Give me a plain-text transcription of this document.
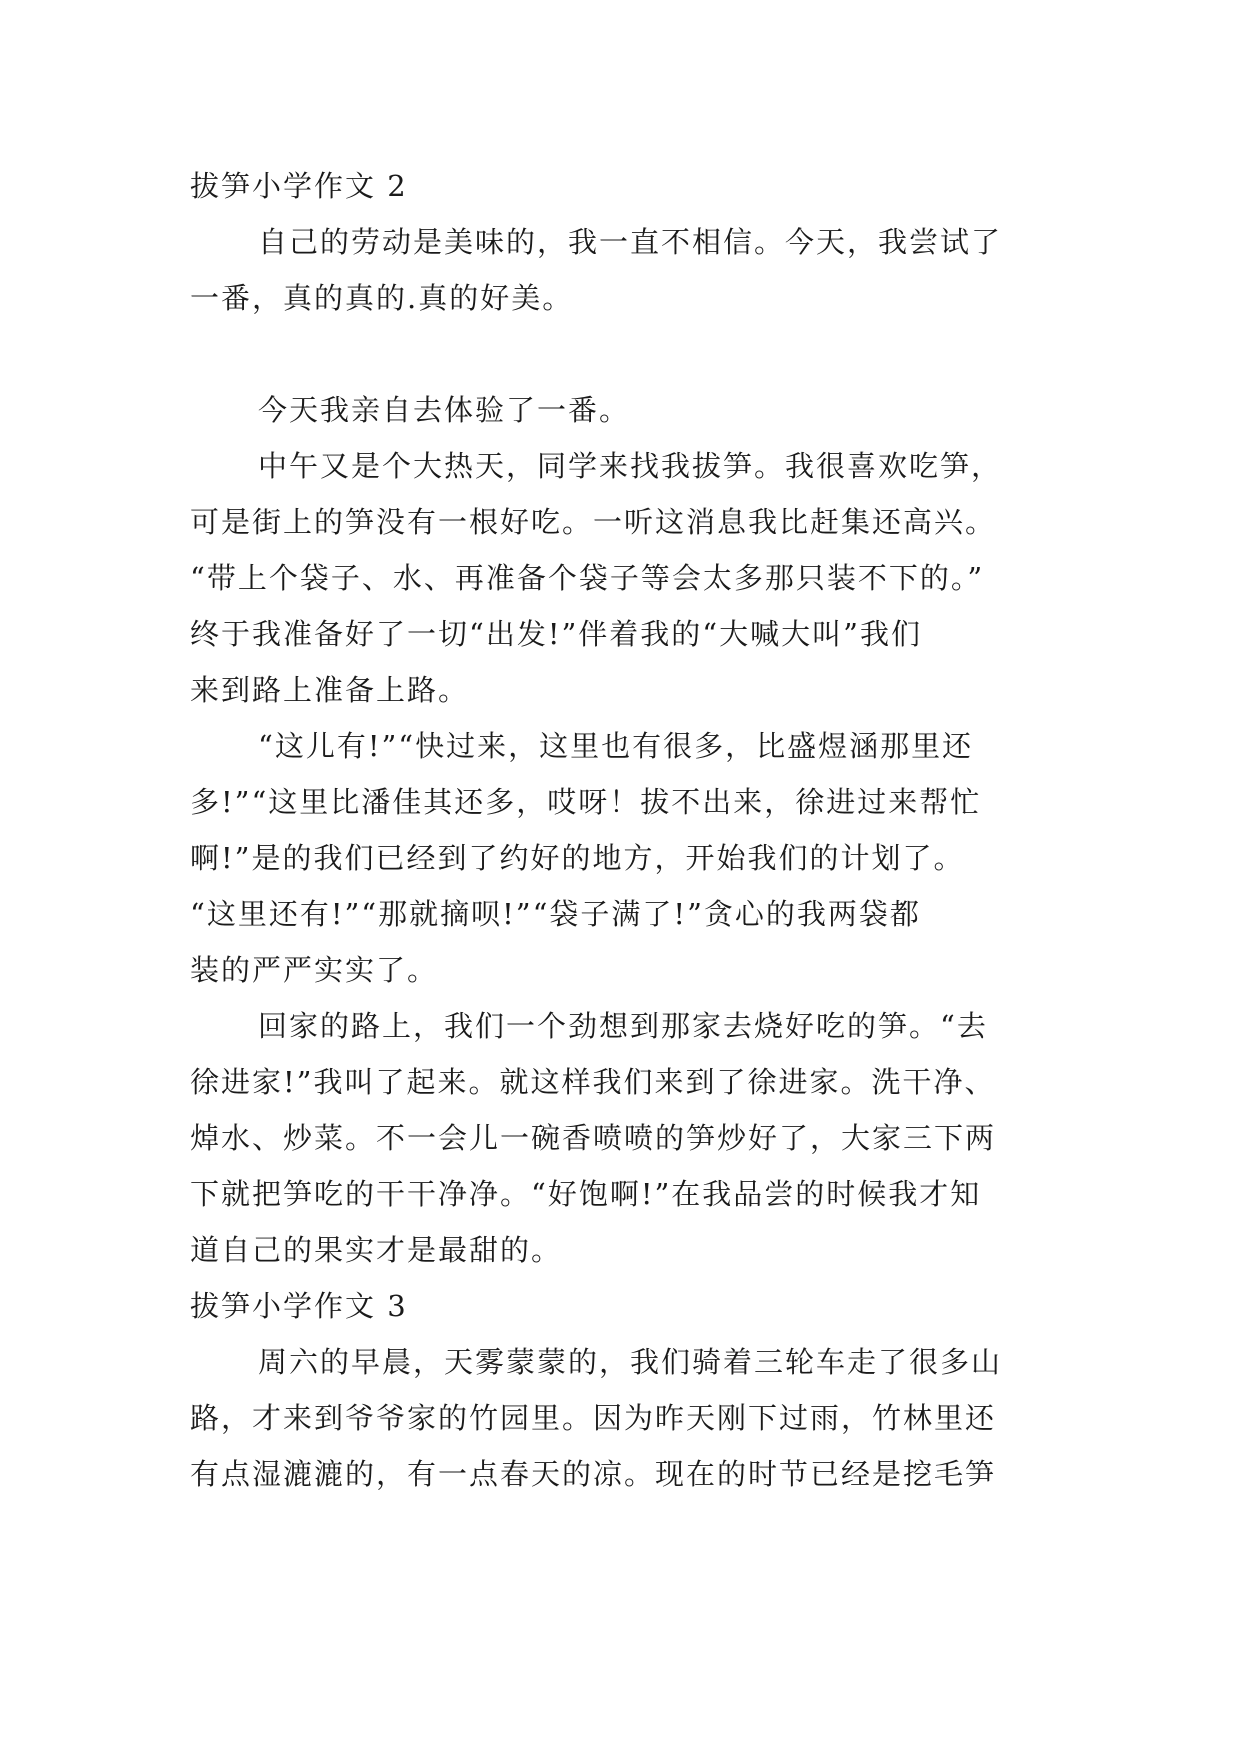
拔笋小学作文 2
自己的劳动是美味的，我一直不相信。今天，我尝试了
一番，真的真的.真的好美。
今天我亲自去体验了一番。
中午又是个大热天，同学来找我拔笋。我很喜欢吃笋，
可是街上的笋没有一根好吃。一听这消息我比赶集还高兴。
“带上个袋子、水、再准备个袋子等会太多那只装不下的。”
终于我准备好了一切“出发!”伴着我的“大喊大叫”我们
来到路上准备上路。
“这儿有!”“快过来，这里也有很多，比盛煜涵那里还
多!”“这里比潘佳其还多，哎呀！拔不出来，徐进过来帮忙
啊!”是的我们已经到了约好的地方，开始我们的计划了。
“这里还有!”“那就摘呗!”“袋子满了!”贪心的我两袋都
装的严严实实了。
回家的路上，我们一个劲想到那家去烧好吃的笋。“去
徐进家!”我叫了起来。就这样我们来到了徐进家。洗干净、
焯水、炒菜。不一会儿一碗香喷喷的笋炒好了，大家三下两
下就把笋吃的干干净净。“好饱啊!”在我品尝的时候我才知
道自己的果实才是最甜的。
拔笋小学作文 3
周六的早晨，天雾蒙蒙的，我们骑着三轮车走了很多山
路，才来到爷爷家的竹园里。因为昨天刚下过雨，竹林里还
有点湿漉漉的，有一点春天的凉。现在的时节已经是挖毛笋
